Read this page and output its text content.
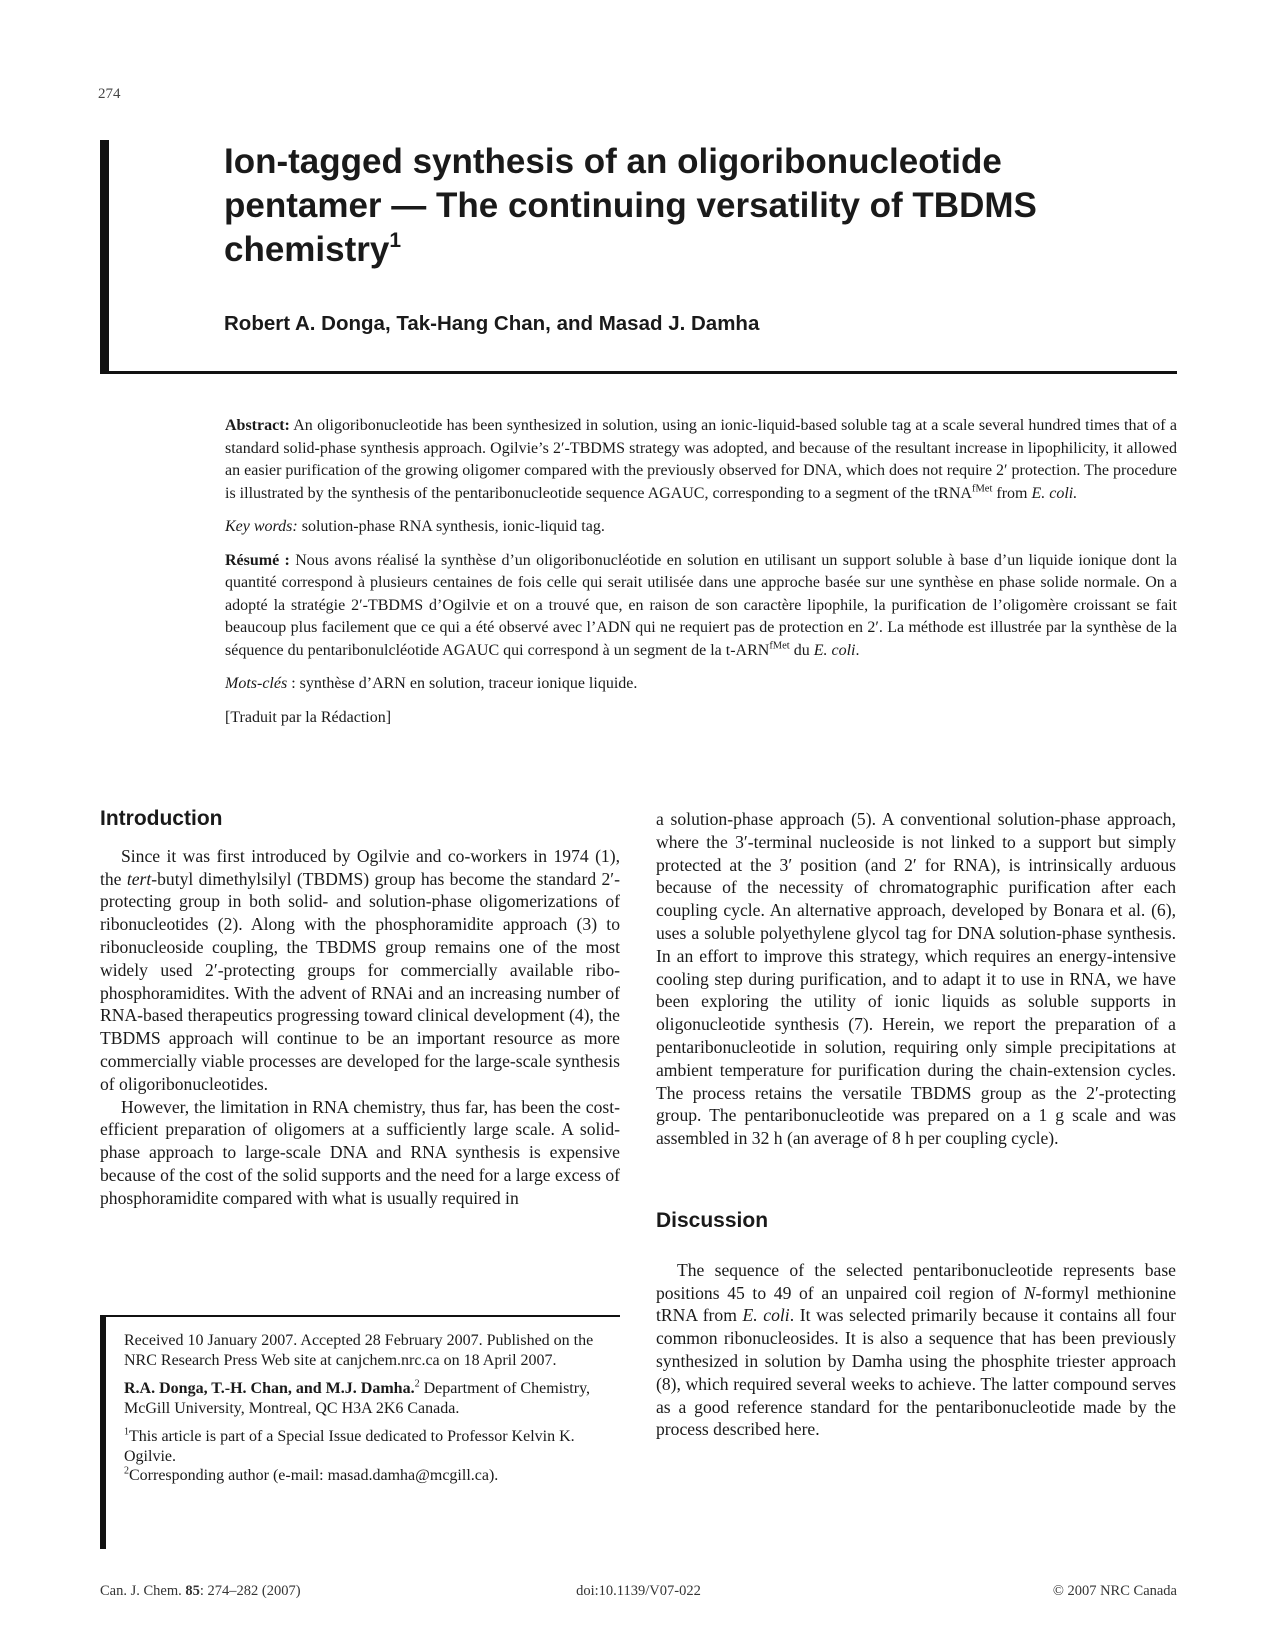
274
Ion-tagged synthesis of an oligoribonucleotide pentamer — The continuing versatility of TBDMS chemistry$^1$

Robert A. Donga, Tak-Hang Chan, and Masad J. Damha

Abstract: An oligoribonucleotide has been synthesized in solution, using an ionic-liquid-based soluble tag at a scale several hundred times that of a standard solid-phase synthesis approach. Ogilvie’s 2′-TBDMS strategy was adopted, and because of the resultant increase in lipophilicity, it allowed an easier purification of the growing oligomer compared with the previously observed for DNA, which does not require 2′ protection. The procedure is illustrated by the synthesis of the pentaribonucleotide sequence AGAUC, corresponding to a segment of the tRNA$^{fMet}$ from E. coli.

Key words: solution-phase RNA synthesis, ionic-liquid tag.

Résumé : Nous avons réalisé la synthèse d’un oligoribonucléotide en solution en utilisant un support soluble à base d’un liquide ionique dont la quantité correspond à plusieurs centaines de fois celle qui serait utilisée dans une approche basée sur une synthèse en phase solide normale. On a adopté la stratégie 2′-TBDMS d’Ogilvie et on a trouvé que, en raison de son caractère lipophile, la purification de l’oligomère croissant se fait beaucoup plus facilement que ce qui a été observé avec l’ADN qui ne requiert pas de protection en 2′. La méthode est illustrée par la synthèse de la séquence du pentaribonulcléotide AGAUC qui correspond à un segment de la $t-ARN^{fMet}$ du E. coli.

Mots-clés : synthèse d’ARN en solution, traceur ionique liquide.

[Traduit par la Rédaction]

Introduction

Since it was first introduced by Ogilvie and co-workers in 1974 (1), the tert-butyl dimethylsilyl (TBDMS) group has become the standard 2′-protecting group in both solid- and solution-phase oligomerizations of ribonucleotides (2). Along with the phosphoramidite approach (3) to ribonucleoside coupling, the TBDMS group remains one of the most widely used 2′-protecting groups for commercially available ribo-phosphoramidites. With the advent of RNAi and an increasing number of RNA-based therapeutics progressing toward clinical development (4), the TBDMS approach will continue to be an important resource as more commercially viable processes are developed for the large-scale synthesis of oligoribonucleotides.

However, the limitation in RNA chemistry, thus far, has been the cost-efficient preparation of oligomers at a sufficiently large scale. A solid-phase approach to large-scale DNA and RNA synthesis is expensive because of the cost of the solid supports and the need for a large excess of phosphoramidite compared with what is usually required in

a solution-phase approach (5). A conventional solution-phase approach, where the 3′-terminal nucleoside is not linked to a support but simply protected at the 3′ position (and 2′ for RNA), is intrinsically arduous because of the necessity of chromatographic purification after each coupling cycle. An alternative approach, developed by Bonara et al. (6), uses a soluble polyethylene glycol tag for DNA solution-phase synthesis. In an effort to improve this strategy, which requires an energy-intensive cooling step during purification, and to adapt it to use in RNA, we have been exploring the utility of ionic liquids as soluble supports in oligonucleotide synthesis (7). Herein, we report the preparation of a pentaribonucleotide in solution, requiring only simple precipitations at ambient temperature for purification during the chain-extension cycles. The process retains the versatile TBDMS group as the 2′-protecting group. The pentaribonucleotide was prepared on a 1 g scale and was assembled in 32 h (an average of 8 h per coupling cycle).

Discussion

The sequence of the selected pentaribonucleotide represents base positions 45 to 49 of an unpaired coil region of N-formyl methionine tRNA from E. coli. It was selected primarily because it contains all four common ribonucleosides. It is also a sequence that has been previously synthesized in solution by Damha using the phosphite triester approach (8), which required several weeks to achieve. The latter compound serves as a good reference standard for the pentaribonucleotide made by the process described here.

Received 10 January 2007. Accepted 28 February 2007. Published on the NRC Research Press Web site at canjchem.nrc.ca on 18 April 2007.

R.A. Donga, T.-H. Chan, and M.J. Damha.$^2$ Department of Chemistry, McGill University, Montreal, QC H3A 2K6 Canada.

$^1$This article is part of a Special Issue dedicated to Professor Kelvin K. Ogilvie.

$^2$Corresponding author (e-mail: masad.damha@mcgill.ca).

Can. J. Chem. 85: 274–282 (2007)	doi:10.1139/V07-022	© 2007 NRC Canada
